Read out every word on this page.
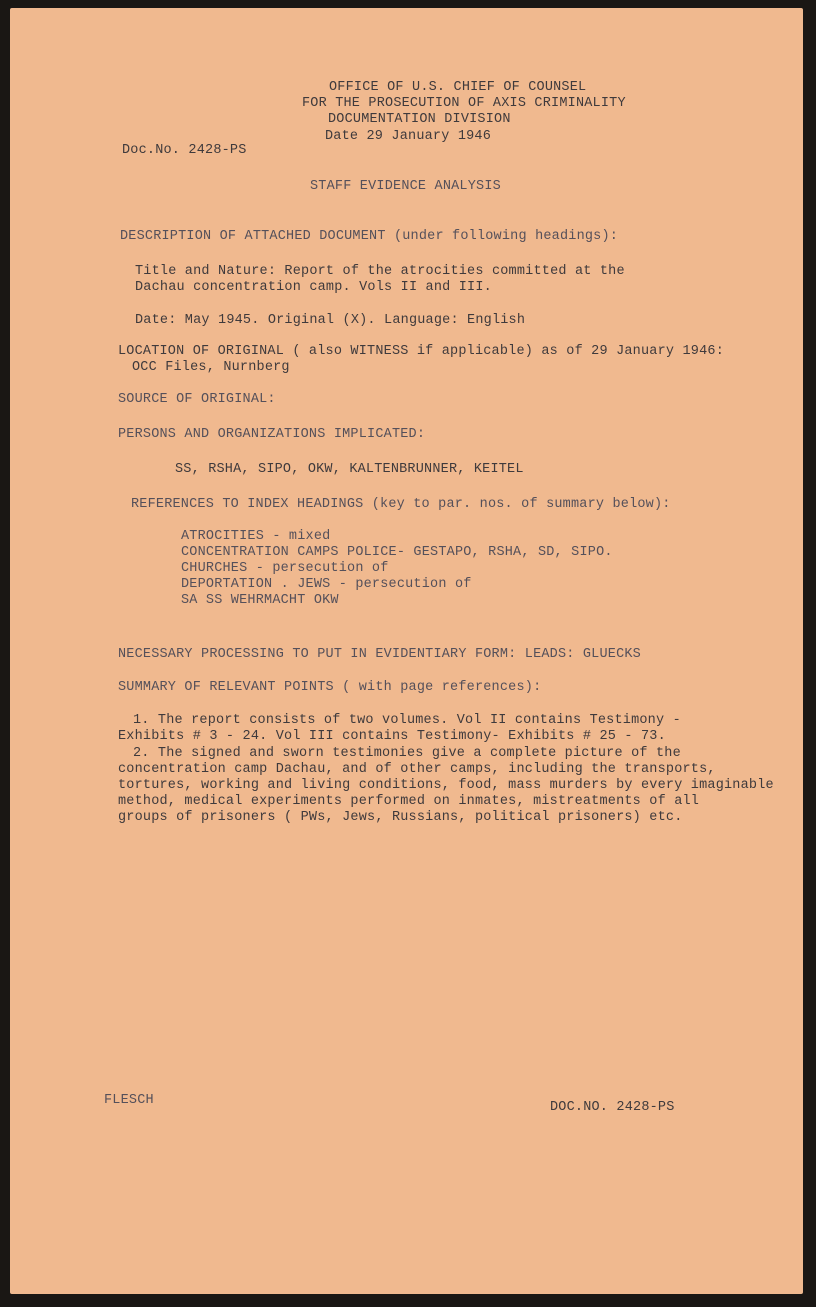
OFFICE OF U.S. CHIEF OF COUNSEL
FOR THE PROSECUTION OF AXIS CRIMINALITY
DOCUMENTATION DIVISION
Date 29 January 1946
Doc.No. 2428-PS
STAFF EVIDENCE ANALYSIS
DESCRIPTION OF ATTACHED DOCUMENT (under following headings):
Title and Nature: Report of the atrocities committed at the
Dachau concentration camp. Vols II and III.
Date: May 1945. Original (X). Language: English
LOCATION OF ORIGINAL ( also WITNESS if applicable) as of 29 January 1946:
OCC Files, Nurnberg
SOURCE OF ORIGINAL:
PERSONS AND ORGANIZATIONS IMPLICATED:
SS, RSHA, SIPO, OKW, KALTENBRUNNER, KEITEL
REFERENCES TO INDEX HEADINGS (key to par. nos. of summary below):
ATROCITIES - mixed
CONCENTRATION CAMPS POLICE- GESTAPO, RSHA, SD, SIPO.
CHURCHES - persecution of
DEPORTATION . JEWS - persecution of
SA SS WEHRMACHT OKW
NECESSARY PROCESSING TO PUT IN EVIDENTIARY FORM: LEADS: GLUECKS
SUMMARY OF RELEVANT POINTS ( with page references):
1. The report consists of two volumes. Vol II contains Testimony -
Exhibits # 3 - 24. Vol III contains Testimony- Exhibits # 25 - 73.
2. The signed and sworn testimonies give a complete picture of the
concentration camp Dachau, and of other camps, including the transports,
tortures, working and living conditions, food, mass murders by every imaginable
method, medical experiments performed on inmates, mistreatments of all
groups of prisoners ( PWs, Jews, Russians, political prisoners) etc.
FLESCH	DOC.NO. 2428-PS
